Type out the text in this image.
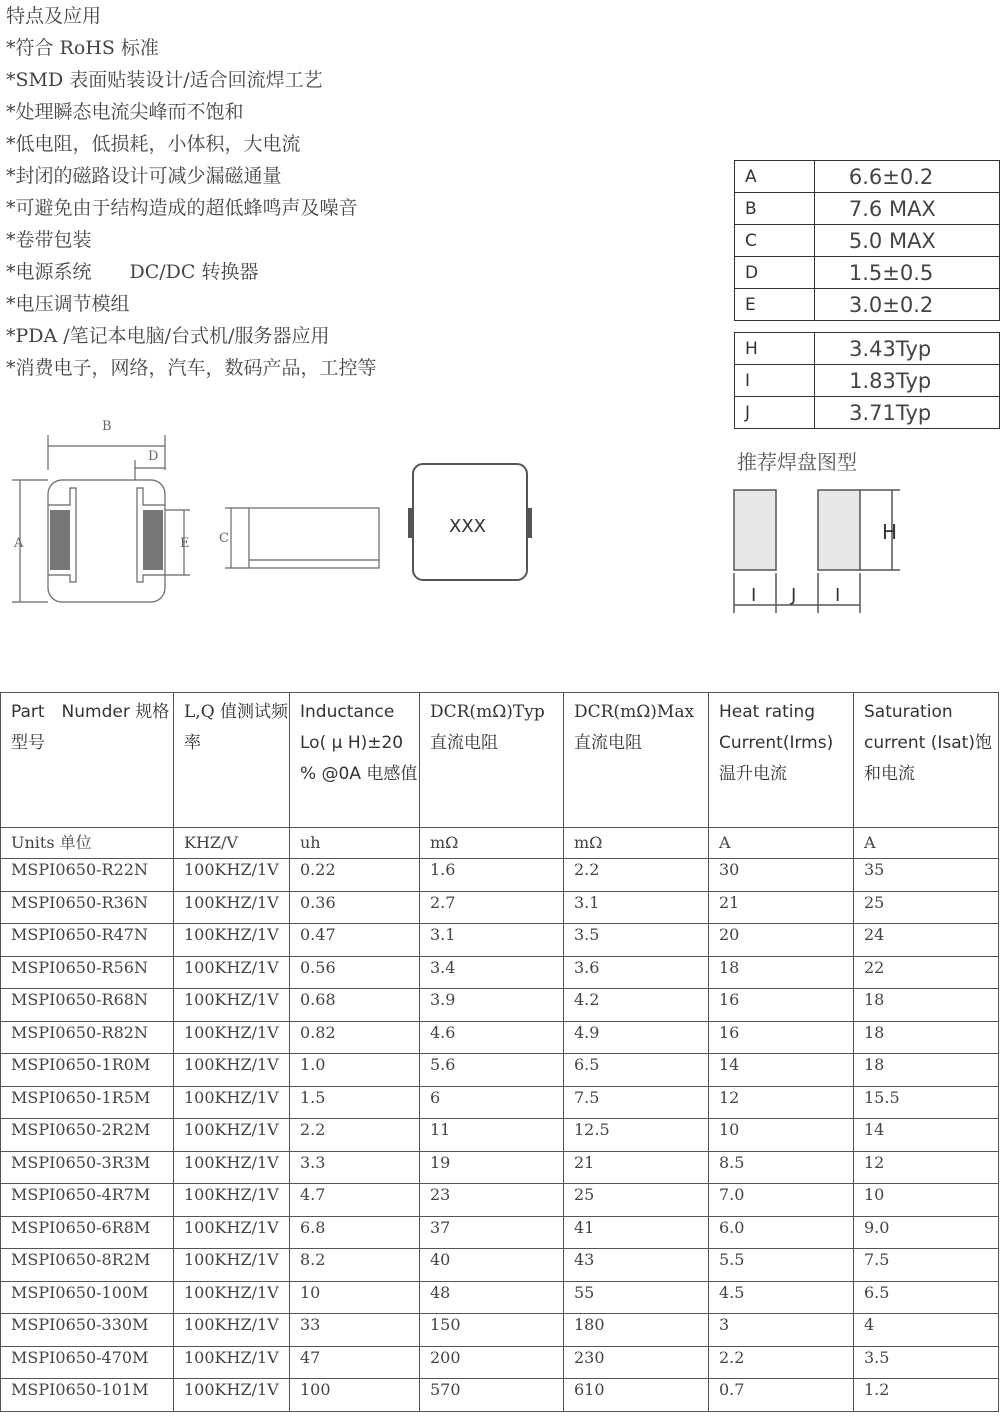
特点及应用
*符合 RoHS 标准
*SMD 表面贴装设计/适合回流焊工艺
*处理瞬态电流尖峰而不饱和
*低电阻，低损耗，小体积，大电流
*封闭的磁路设计可减少漏磁通量
*可避免由于结构造成的超低蜂鸣声及噪音
*卷带包装
*电源系统　　DC/DC 转换器
*电压调节模组
*PDA /笔记本电脑/台式机/服务器应用
*消费电子，网络，汽车，数码产品，工控等
A	6.6±0.2
B	7.6 MAX
C	5.0 MAX
D	1.5±0.5
E	3.0±0.2
H	3.43Typ
I	1.83Typ
J	3.71Typ
推荐焊盘图型
B
D
A	E C
XXX	H
I J I
Part　Numder 规格型号	L,Q 值测试频率	Inductance Lo( μ H)±20 % @0A 电感值	DCR(mΩ)Typ 直流电阻	DCR(mΩ)Max 直流电阻	Heat rating Current(Irms) 温升电流	Saturation current (Isat)饱和电流
Units 单位	KHZ/V	uh	mΩ	mΩ	A	A
MSPI0650-R22N	100KHZ/1V	0.22	1.6	2.2	30	35
MSPI0650-R36N	100KHZ/1V	0.36	2.7	3.1	21	25
MSPI0650-R47N	100KHZ/1V	0.47	3.1	3.5	20	24
MSPI0650-R56N	100KHZ/1V	0.56	3.4	3.6	18	22
MSPI0650-R68N	100KHZ/1V	0.68	3.9	4.2	16	18
MSPI0650-R82N	100KHZ/1V	0.82	4.6	4.9	16	18
MSPI0650-1R0M	100KHZ/1V	1.0	5.6	6.5	14	18
MSPI0650-1R5M	100KHZ/1V	1.5	6	7.5	12	15.5
MSPI0650-2R2M	100KHZ/1V	2.2	11	12.5	10	14
MSPI0650-3R3M	100KHZ/1V	3.3	19	21	8.5	12
MSPI0650-4R7M	100KHZ/1V	4.7	23	25	7.0	10
MSPI0650-6R8M	100KHZ/1V	6.8	37	41	6.0	9.0
MSPI0650-8R2M	100KHZ/1V	8.2	40	43	5.5	7.5
MSPI0650-100M	100KHZ/1V	10	48	55	4.5	6.5
MSPI0650-330M	100KHZ/1V	33	150	180	3	4
MSPI0650-470M	100KHZ/1V	47	200	230	2.2	3.5
MSPI0650-101M	100KHZ/1V	100	570	610	0.7	1.2
